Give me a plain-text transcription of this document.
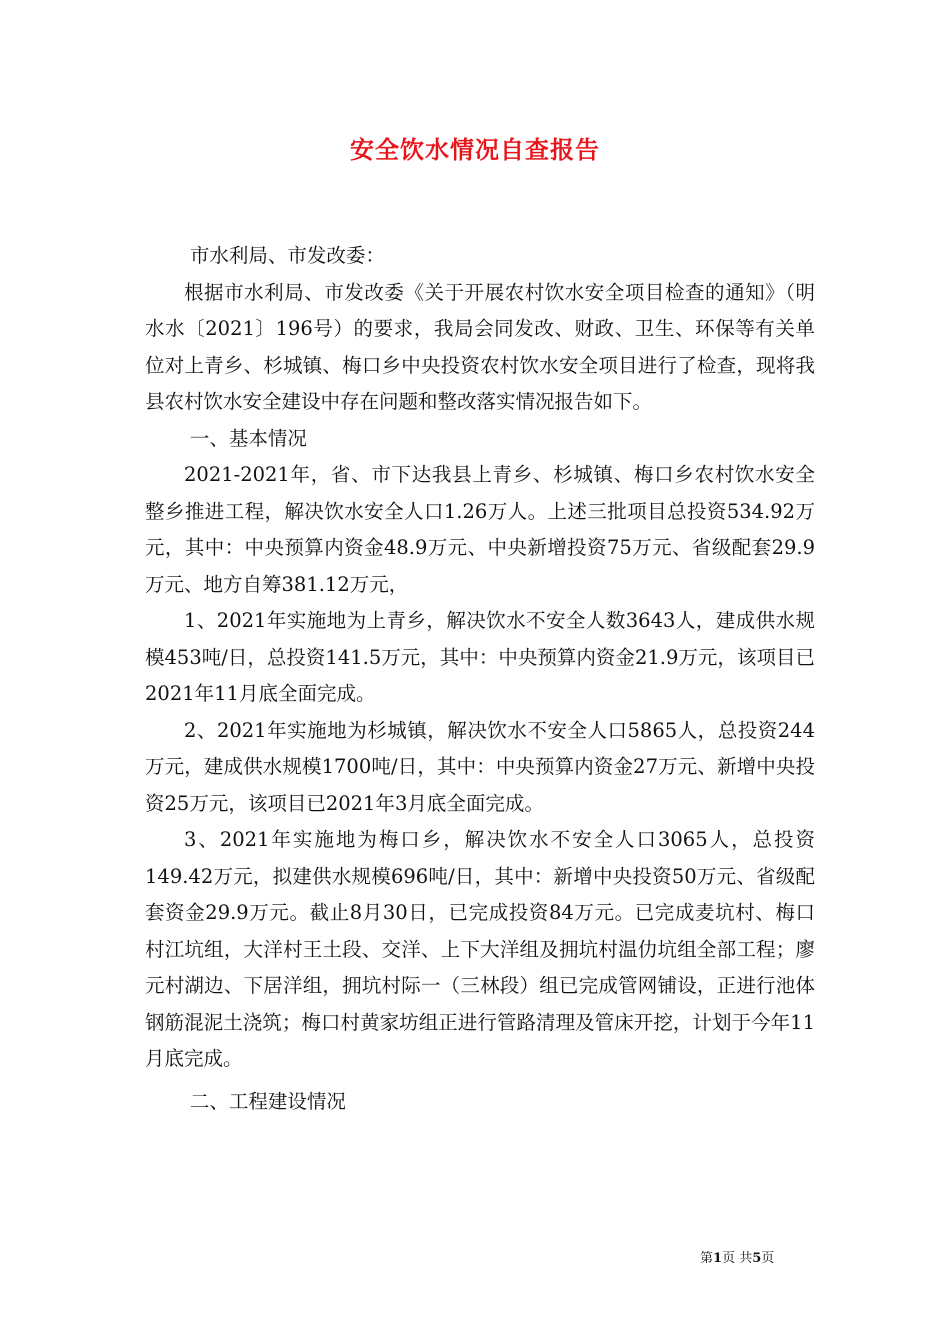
安全饮水情况自查报告

市水利局、市发改委：

根据市水利局、市发改委《关于开展农村饮水安全项目检查的通知》（明水水〔2021〕196号）的要求，我局会同发改、财政、卫生、环保等有关单位对上青乡、杉城镇、梅口乡中央投资农村饮水安全项目进行了检查，现将我县农村饮水安全建设中存在问题和整改落实情况报告如下。

一、基本情况

2021-2021年，省、市下达我县上青乡、杉城镇、梅口乡农村饮水安全整乡推进工程，解决饮水安全人口1.26万人。上述三批项目总投资534.92万元，其中：中央预算内资金48.9万元、中央新增投资75万元、省级配套29.9万元、地方自筹381.12万元，

1、2021年实施地为上青乡，解决饮水不安全人数3643人，建成供水规模453吨/日，总投资141.5万元，其中：中央预算内资金21.9万元，该项目已2021年11月底全面完成。

2、2021年实施地为杉城镇，解决饮水不安全人口5865人，总投资244万元，建成供水规模1700吨/日，其中：中央预算内资金27万元、新增中央投资25万元，该项目已2021年3月底全面完成。

3、2021年实施地为梅口乡，解决饮水不安全人口3065人，总投资149.42万元，拟建供水规模696吨/日，其中：新增中央投资50万元、省级配套资金29.9万元。截止8月30日，已完成投资84万元。已完成麦坑村、梅口村江坑组，大洋村王土段、交洋、上下大洋组及拥坑村温仂坑组全部工程；廖元村湖边、下居洋组，拥坑村际一（三林段）组已完成管网铺设，正进行池体钢筋混泥土浇筑；梅口村黄家坊组正进行管路清理及管床开挖，计划于今年11月底完成。

二、工程建设情况

第1页 共5页
